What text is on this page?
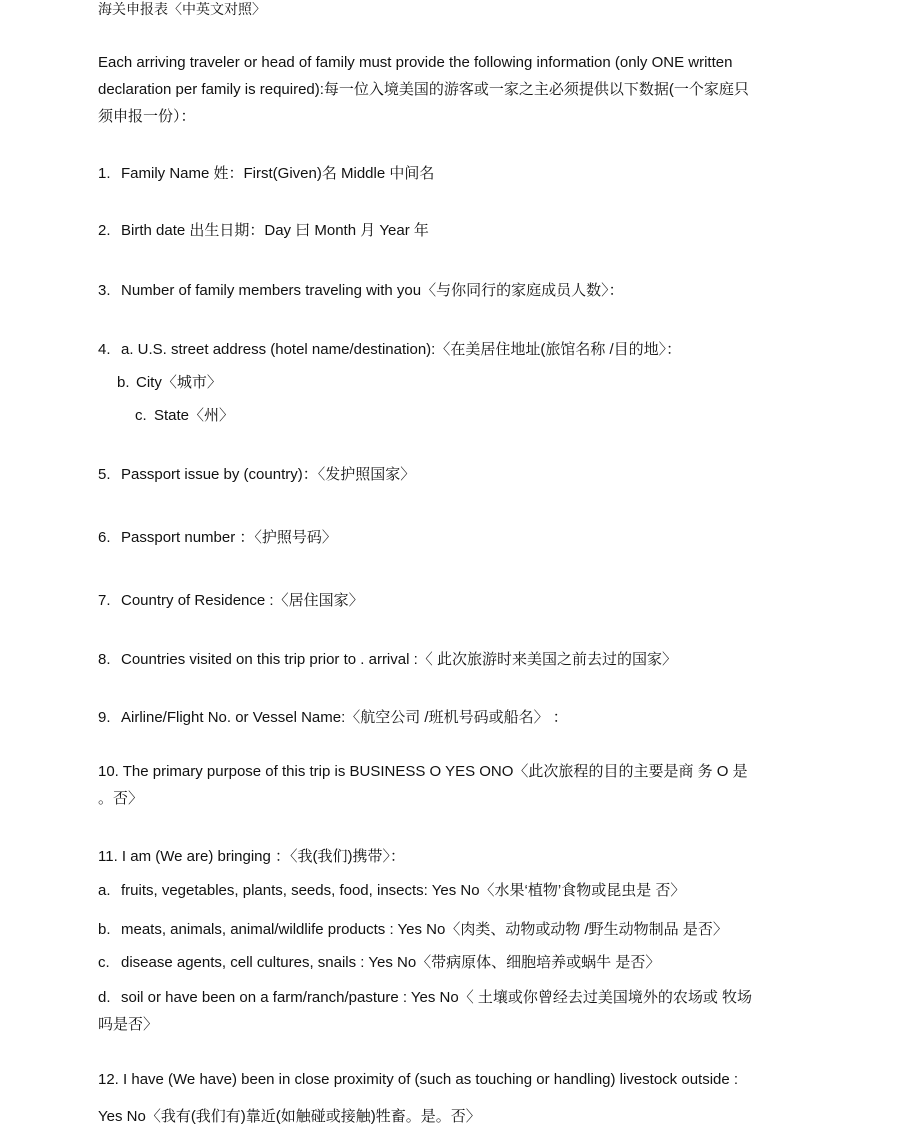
海关申报表〈中英文对照〉
Each arriving traveler or head of family must provide the following information (only ONE written
declaration per family is required):每一位入境美国的游客或一家之主必须提供以下数据(一个家庭只
须申报一份）：
1. Family Name 姓：First(Given)名 Middle 中间名
2. Birth date 出生日期：Day 曰 Month 月 Year 年
3. Number of family members traveling with you〈与你同行的家庭成员人数〉：
4. a. U.S. street address (hotel name/destination):〈在美居住地址(旅馆名称 /目的地〉：
b. City〈城市〉
c. State〈州〉
5. Passport issue by (country)：〈发护照国家〉
6. Passport number ：〈护照号码〉
7. Country of Residence :〈居住国家〉
8. Countries visited on this trip prior to . arrival :〈 此次旅游时来美国之前去过的国家〉
9. Airline/Flight No. or Vessel Name:〈航空公司 /班机号码或船名〉 ：
10. The primary purpose of this trip is BUSINESS O YES ONO〈此次旅程的目的主要是商 务 O 是
。否〉
11. I am (We are) bringing ：〈我(我们)携带〉：
a. fruits, vegetables, plants, seeds, food, insects: Yes No〈水果‘植物’食物或昆虫是 否〉
b. meats, animals, animal/wildlife products : Yes No〈肉类、动物或动物 /野生动物制品 是否〉
c. disease agents, cell cultures, snails : Yes No〈带病原体、细胞培养或蜗牛 是否〉
d. soil or have been on a farm/ranch/pasture : Yes No〈 土壤或你曾经去过美国境外的农场或 牧场
吗是否〉
12. I have (We have) been in close proximity of (such as touching or handling) livestock outside :
Yes No〈我有(我们有)靠近(如触碰或接触)牲畜。是。否〉
